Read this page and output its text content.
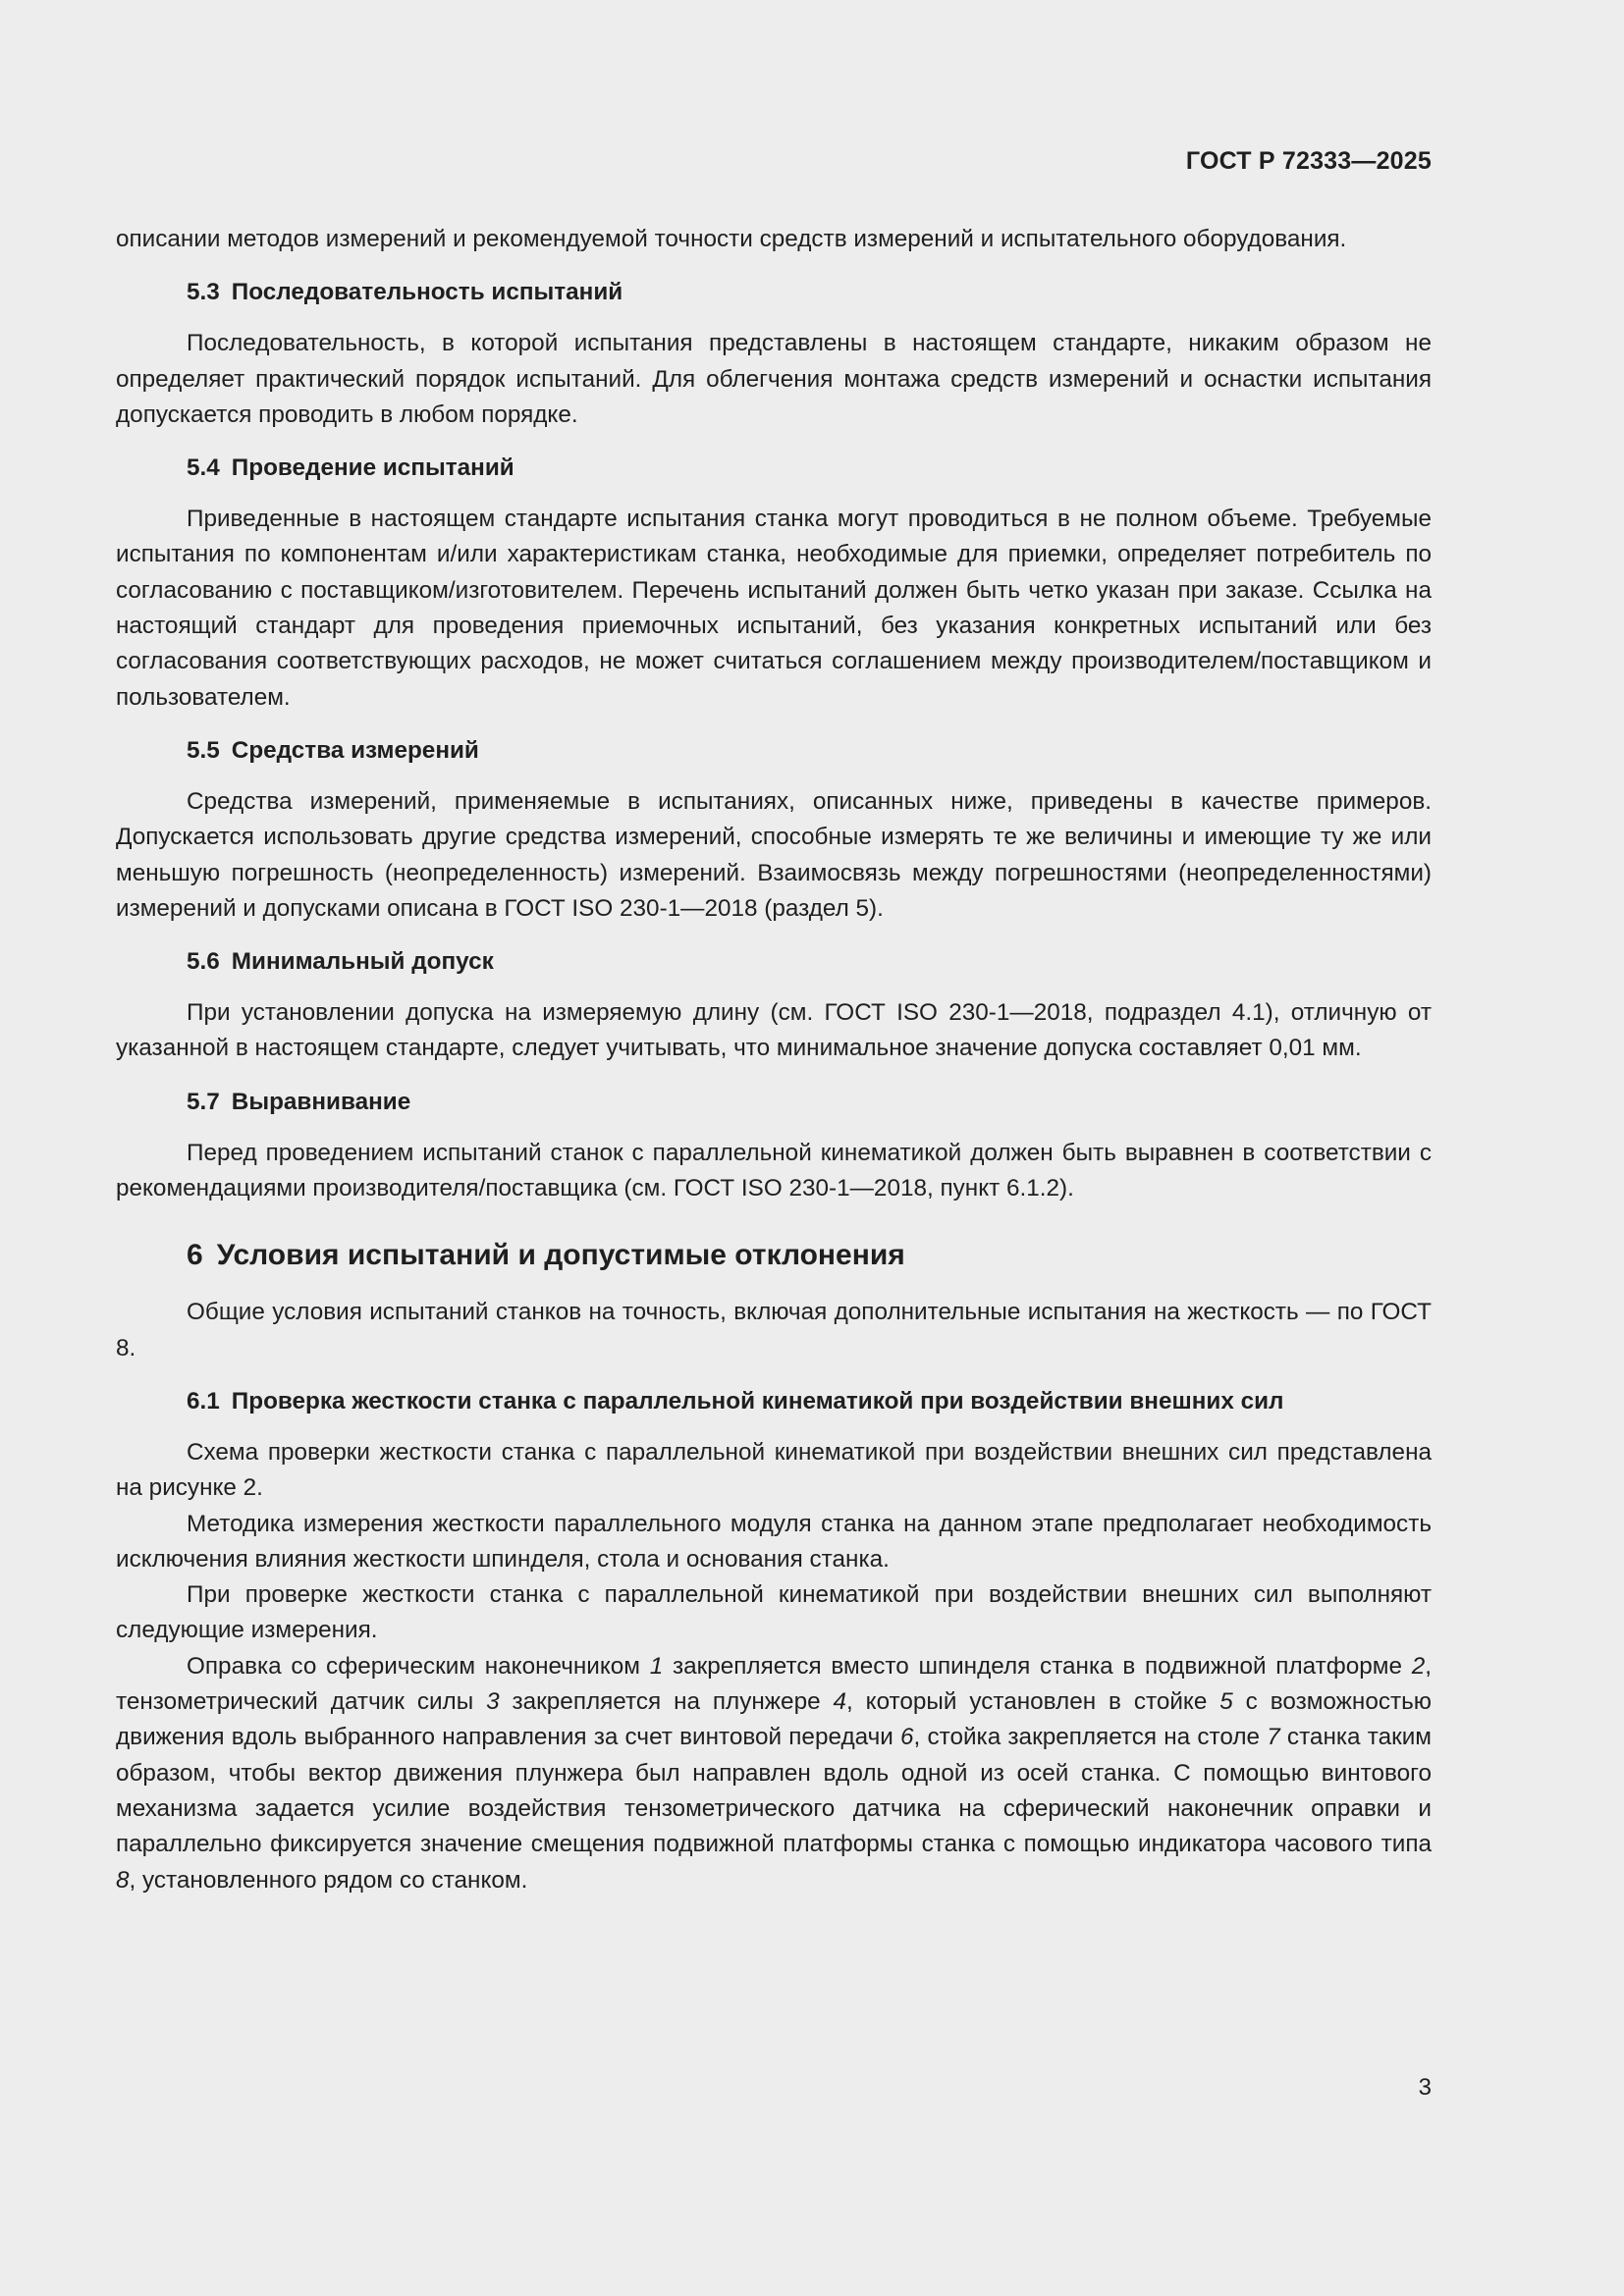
ГОСТ Р 72333—2025

описании методов измерений и рекомендуемой точности средств измерений и испытательного оборудования.

5.3 Последовательность испытаний

Последовательность, в которой испытания представлены в настоящем стандарте, никаким образом не определяет практический порядок испытаний. Для облегчения монтажа средств измерений и оснастки испытания допускается проводить в любом порядке.

5.4 Проведение испытаний

Приведенные в настоящем стандарте испытания станка могут проводиться в не полном объеме. Требуемые испытания по компонентам и/или характеристикам станка, необходимые для приемки, определяет потребитель по согласованию с поставщиком/изготовителем. Перечень испытаний должен быть четко указан при заказе. Ссылка на настоящий стандарт для проведения приемочных испытаний, без указания конкретных испытаний или без согласования соответствующих расходов, не может считаться соглашением между производителем/поставщиком и пользователем.

5.5 Средства измерений

Средства измерений, применяемые в испытаниях, описанных ниже, приведены в качестве примеров. Допускается использовать другие средства измерений, способные измерять те же величины и имеющие ту же или меньшую погрешность (неопределенность) измерений. Взаимосвязь между погрешностями (неопределенностями) измерений и допусками описана в ГОСТ ISO 230-1—2018 (раздел 5).

5.6 Минимальный допуск

При установлении допуска на измеряемую длину (см. ГОСТ ISO 230-1—2018, подраздел 4.1), отличную от указанной в настоящем стандарте, следует учитывать, что минимальное значение допуска составляет 0,01 мм.

5.7 Выравнивание

Перед проведением испытаний станок с параллельной кинематикой должен быть выравнен в соответствии с рекомендациями производителя/поставщика (см. ГОСТ ISO 230-1—2018, пункт 6.1.2).

6 Условия испытаний и допустимые отклонения

Общие условия испытаний станков на точность, включая дополнительные испытания на жесткость — по ГОСТ 8.

6.1 Проверка жесткости станка с параллельной кинематикой при воздействии внешних сил

Схема проверки жесткости станка с параллельной кинематикой при воздействии внешних сил представлена на рисунке 2.

Методика измерения жесткости параллельного модуля станка на данном этапе предполагает необходимость исключения влияния жесткости шпинделя, стола и основания станка.

При проверке жесткости станка с параллельной кинематикой при воздействии внешних сил выполняют следующие измерения.

Оправка со сферическим наконечником 1 закрепляется вместо шпинделя станка в подвижной платформе 2, тензометрический датчик силы 3 закрепляется на плунжере 4, который установлен в стойке 5 с возможностью движения вдоль выбранного направления за счет винтовой передачи 6, стойка закрепляется на столе 7 станка таким образом, чтобы вектор движения плунжера был направлен вдоль одной из осей станка. С помощью винтового механизма задается усилие воздействия тензометрического датчика на сферический наконечник оправки и параллельно фиксируется значение смещения подвижной платформы станка с помощью индикатора часового типа 8, установленного рядом со станком.

3
